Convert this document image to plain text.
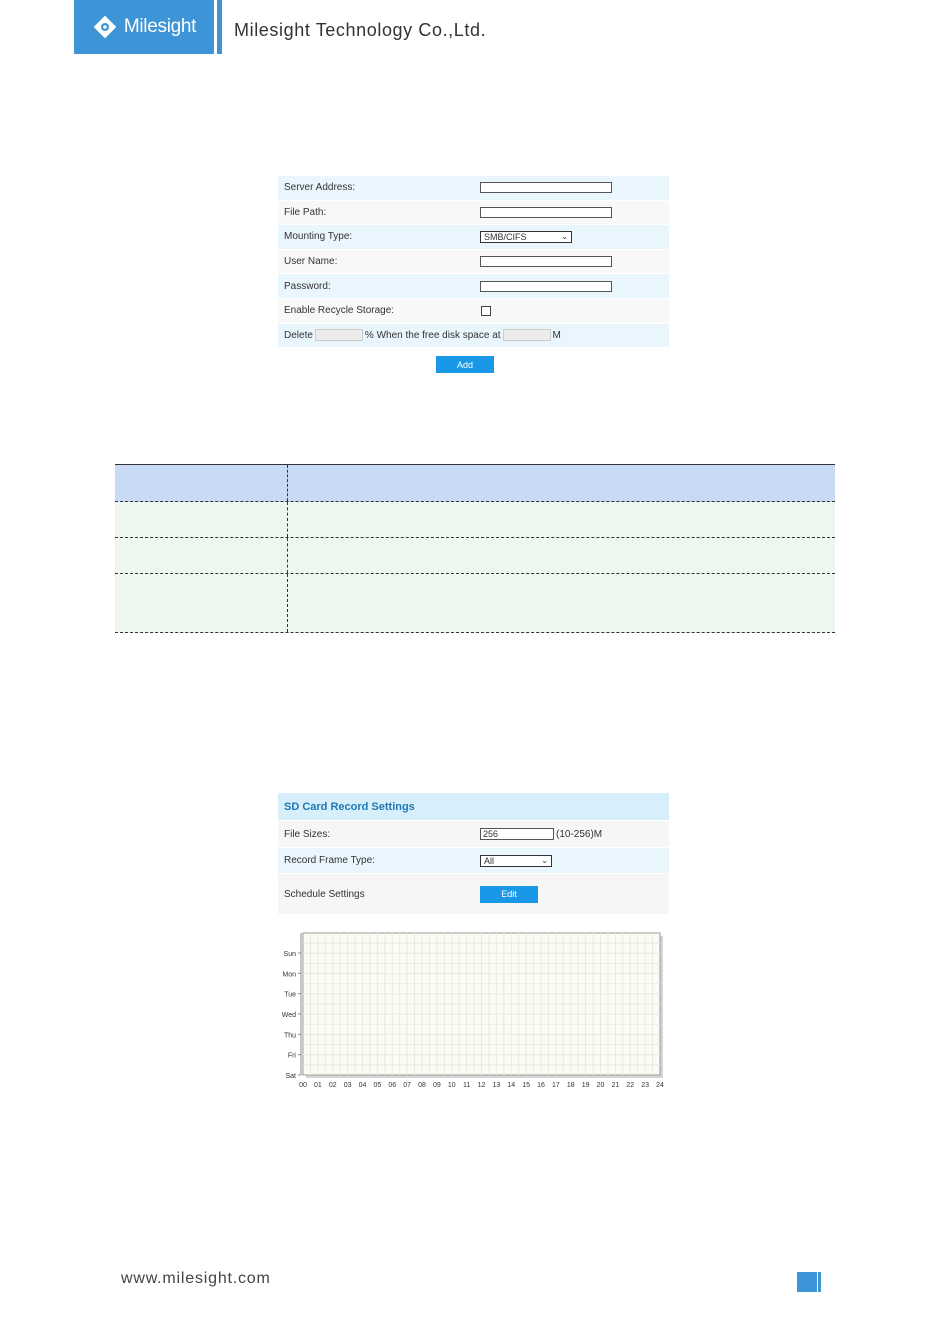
Milesight Milesight Technology Co.,Ltd.
Server Address:
File Path:
Mounting Type:	SMB/CIFS	⌄
User Name:
Password:
Enable Recycle Storage:
Delete	% When the free disk space at	M
Add
SD Card Record Settings
File Sizes:	256	(10-256)M
Record Frame Type:	All	⌄
Schedule Settings	Edit
Sun
Mon
Tue
Wed
Thu
Fri
Sat
00 01 02 03 04 05 06 07 08 09 10 11 12 13 14 15 16 17 18 19 20 21 22 23 24
www.milesight.com
